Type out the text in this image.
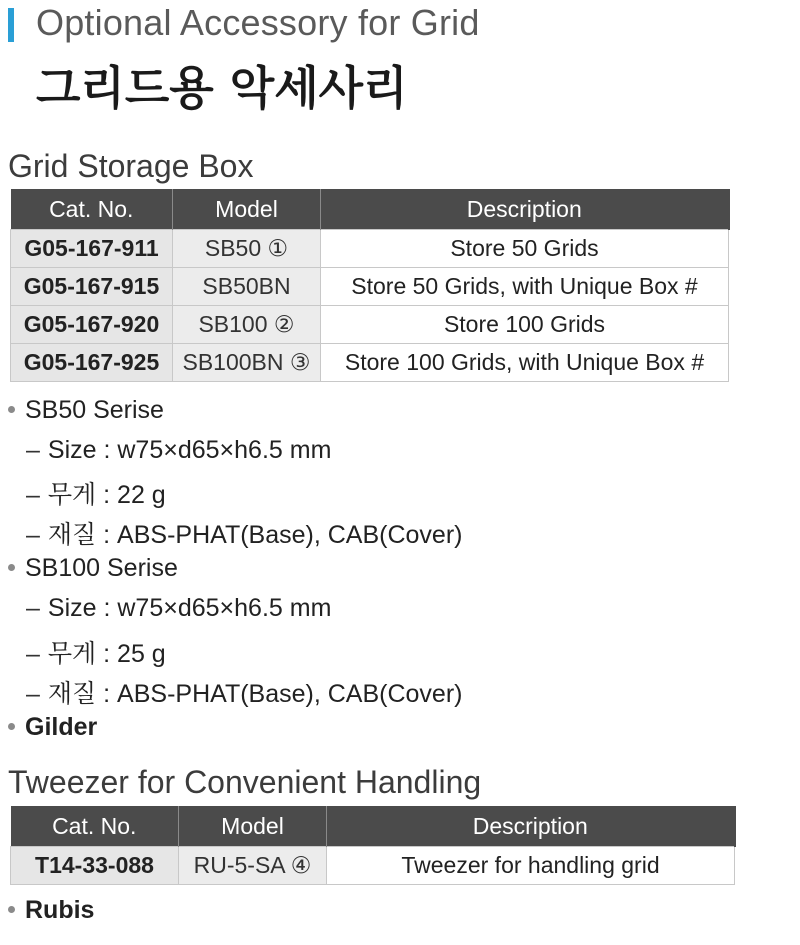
Optional Accessory for Grid
그리드용 악세사리
Grid Storage Box
Cat. No.	Model	Description
G05-167-911	SB50 ①	Store 50 Grids
G05-167-915	SB50BN	Store 50 Grids, with Unique Box #
G05-167-920	SB100 ②	Store 100 Grids
G05-167-925	SB100BN ③	Store 100 Grids, with Unique Box #
SB50 Serise
– Size : w75×d65×h6.5 mm
– 무게 : 22 g
– 재질 : ABS-PHAT(Base), CAB(Cover)
SB100 Serise
– Size : w75×d65×h6.5 mm
– 무게 : 25 g
– 재질 : ABS-PHAT(Base), CAB(Cover)
Gilder
Tweezer for Convenient Handling
Cat. No.	Model	Description
T14-33-088	RU-5-SA ④	Tweezer for handling grid
Rubis
